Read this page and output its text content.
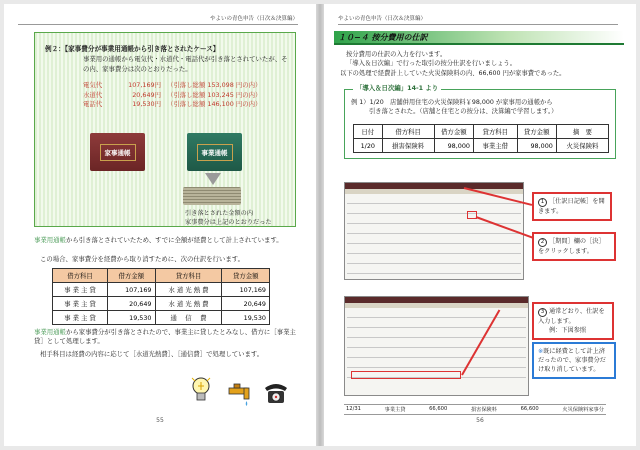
やよいの青色申告（日次＆決算編）
例２：【家事費分が事業用通帳から引き落とされたケース】
事業用の通帳から電気代・水道代・電話代が引き落とされていたが、その内、家事費分は次のとおりだった。
電気代	107,169円 （引落し総額 153,098 円の内）
水道代	20,649円 （引落し総額 103,245 円の内）
電話代	19,530円 （引落し総額 146,100 円の内）
家事通帳	事業通帳
引き落とされた金額の内
家事費分は上記のとおりだった
事業用通帳から引き落とされていたため、すでに全額が経費として計上されています。
この場合、家事費分を経費から取り消すために、次の仕訳を行います。
借方科目	借方金額	貸方科目	貸方金額
事 業 主 貸	107,169	水 道 光 熱 費	107,169
事 業 主 貸	20,649	水 道 光 熱 費	20,649
事 業 主 貸	19,530	通　 信 　費	19,530
事業用通帳から家事費分が引き落とされたので、事業主に貸したとみなし、借方に［事業主貸］として処理します。
相手科目は経費の内容に応じて［水道光熱費］、［通信費］で処理しています。
55
やよいの青色申告（日次＆決算編）
１０−４ 按分費用の仕訳
按分費用の仕訳の入力を行います。
「導入＆日次編」で行った取引の按分仕訳を行いましょう。
以下の処理で経費計上していた火災保険料の内、66,600 円が家事費であった。
「導入＆日次編」14-1 より
例 1）1/20　店舗併用住宅の火災保険料￥98,000 が家事用の通帳から
引き落とされた。（店舗と住宅との按分は、決算編で学習します。）
日付	借方科目	借方金額	貸方科目	貸方金額	摘　要
1/20	損害保険料	98,000	事業主借	98,000	火災保険料
1 ［仕訳日記帳］を開きます。
2 ［期間］欄の［決］をクリックします。
3 通常どおり、仕訳を入力します。
例：下図参照
※既に経費として計上済だったので、家事費分だけ取り消しています。
12/31	事業主貸	66,600	損害保険料	66,600	火災保険料家事分
56
